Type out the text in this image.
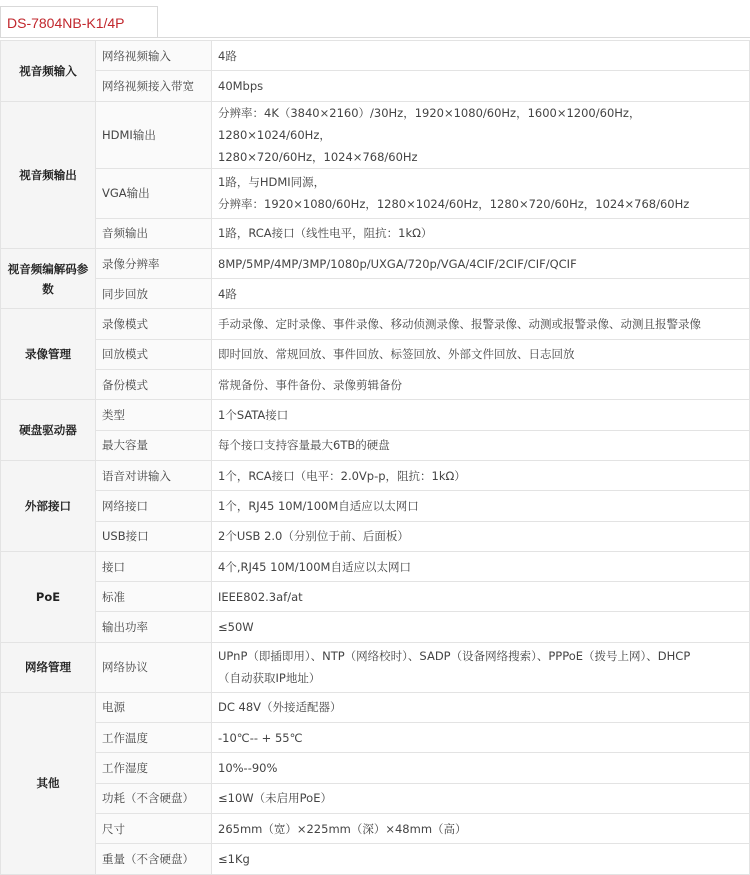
DS-7804NB-K1/4P
视音频输入	网络视频输入	4路

	网络视频接入带宽	40Mbps

视音频输出	HDMI输出	分辨率：4K（3840×2160）/30Hz，1920×1080/60Hz，1600×1200/60Hz，1280×1024/60Hz，
1280×720/60Hz，1024×768/60Hz

	VGA输出	1路，与HDMI同源，
分辨率：1920×1080/60Hz，1280×1024/60Hz，1280×720/60Hz，1024×768/60Hz

	音频输出	1路，RCA接口（线性电平，阻抗：1kΩ）

视音频编解码参数	录像分辨率	8MP/5MP/4MP/3MP/1080p/UXGA/720p/VGA/4CIF/2CIF/CIF/QCIF

	同步回放	4路

录像管理	录像模式	手动录像、定时录像、事件录像、移动侦测录像、报警录像、动测或报警录像、动测且报警录像

	回放模式	即时回放、常规回放、事件回放、标签回放、外部文件回放、日志回放

	备份模式	常规备份、事件备份、录像剪辑备份

硬盘驱动器	类型	1个SATA接口

	最大容量	每个接口支持容量最大6TB的硬盘

外部接口	语音对讲输入	1个，RCA接口（电平：2.0Vp-p，阻抗：1kΩ）

	网络接口	1个，RJ45 10M/100M自适应以太网口

	USB接口	2个USB 2.0（分别位于前、后面板）

PoE	接口	4个,RJ45 10M/100M自适应以太网口

	标准	IEEE802.3af/at

	输出功率	≤50W

网络管理	网络协议	UPnP（即插即用）、NTP（网络校时）、SADP（设备网络搜索）、PPPoE（拨号上网）、DHCP
（自动获取IP地址）

其他	电源	DC 48V（外接适配器）

	工作温度	-10℃-- + 55℃

	工作湿度	10%--90%

	功耗（不含硬盘）	≤10W（未启用PoE）

	尺寸	265mm（宽）×225mm（深）×48mm（高）

	重量（不含硬盘）	≤1Kg
